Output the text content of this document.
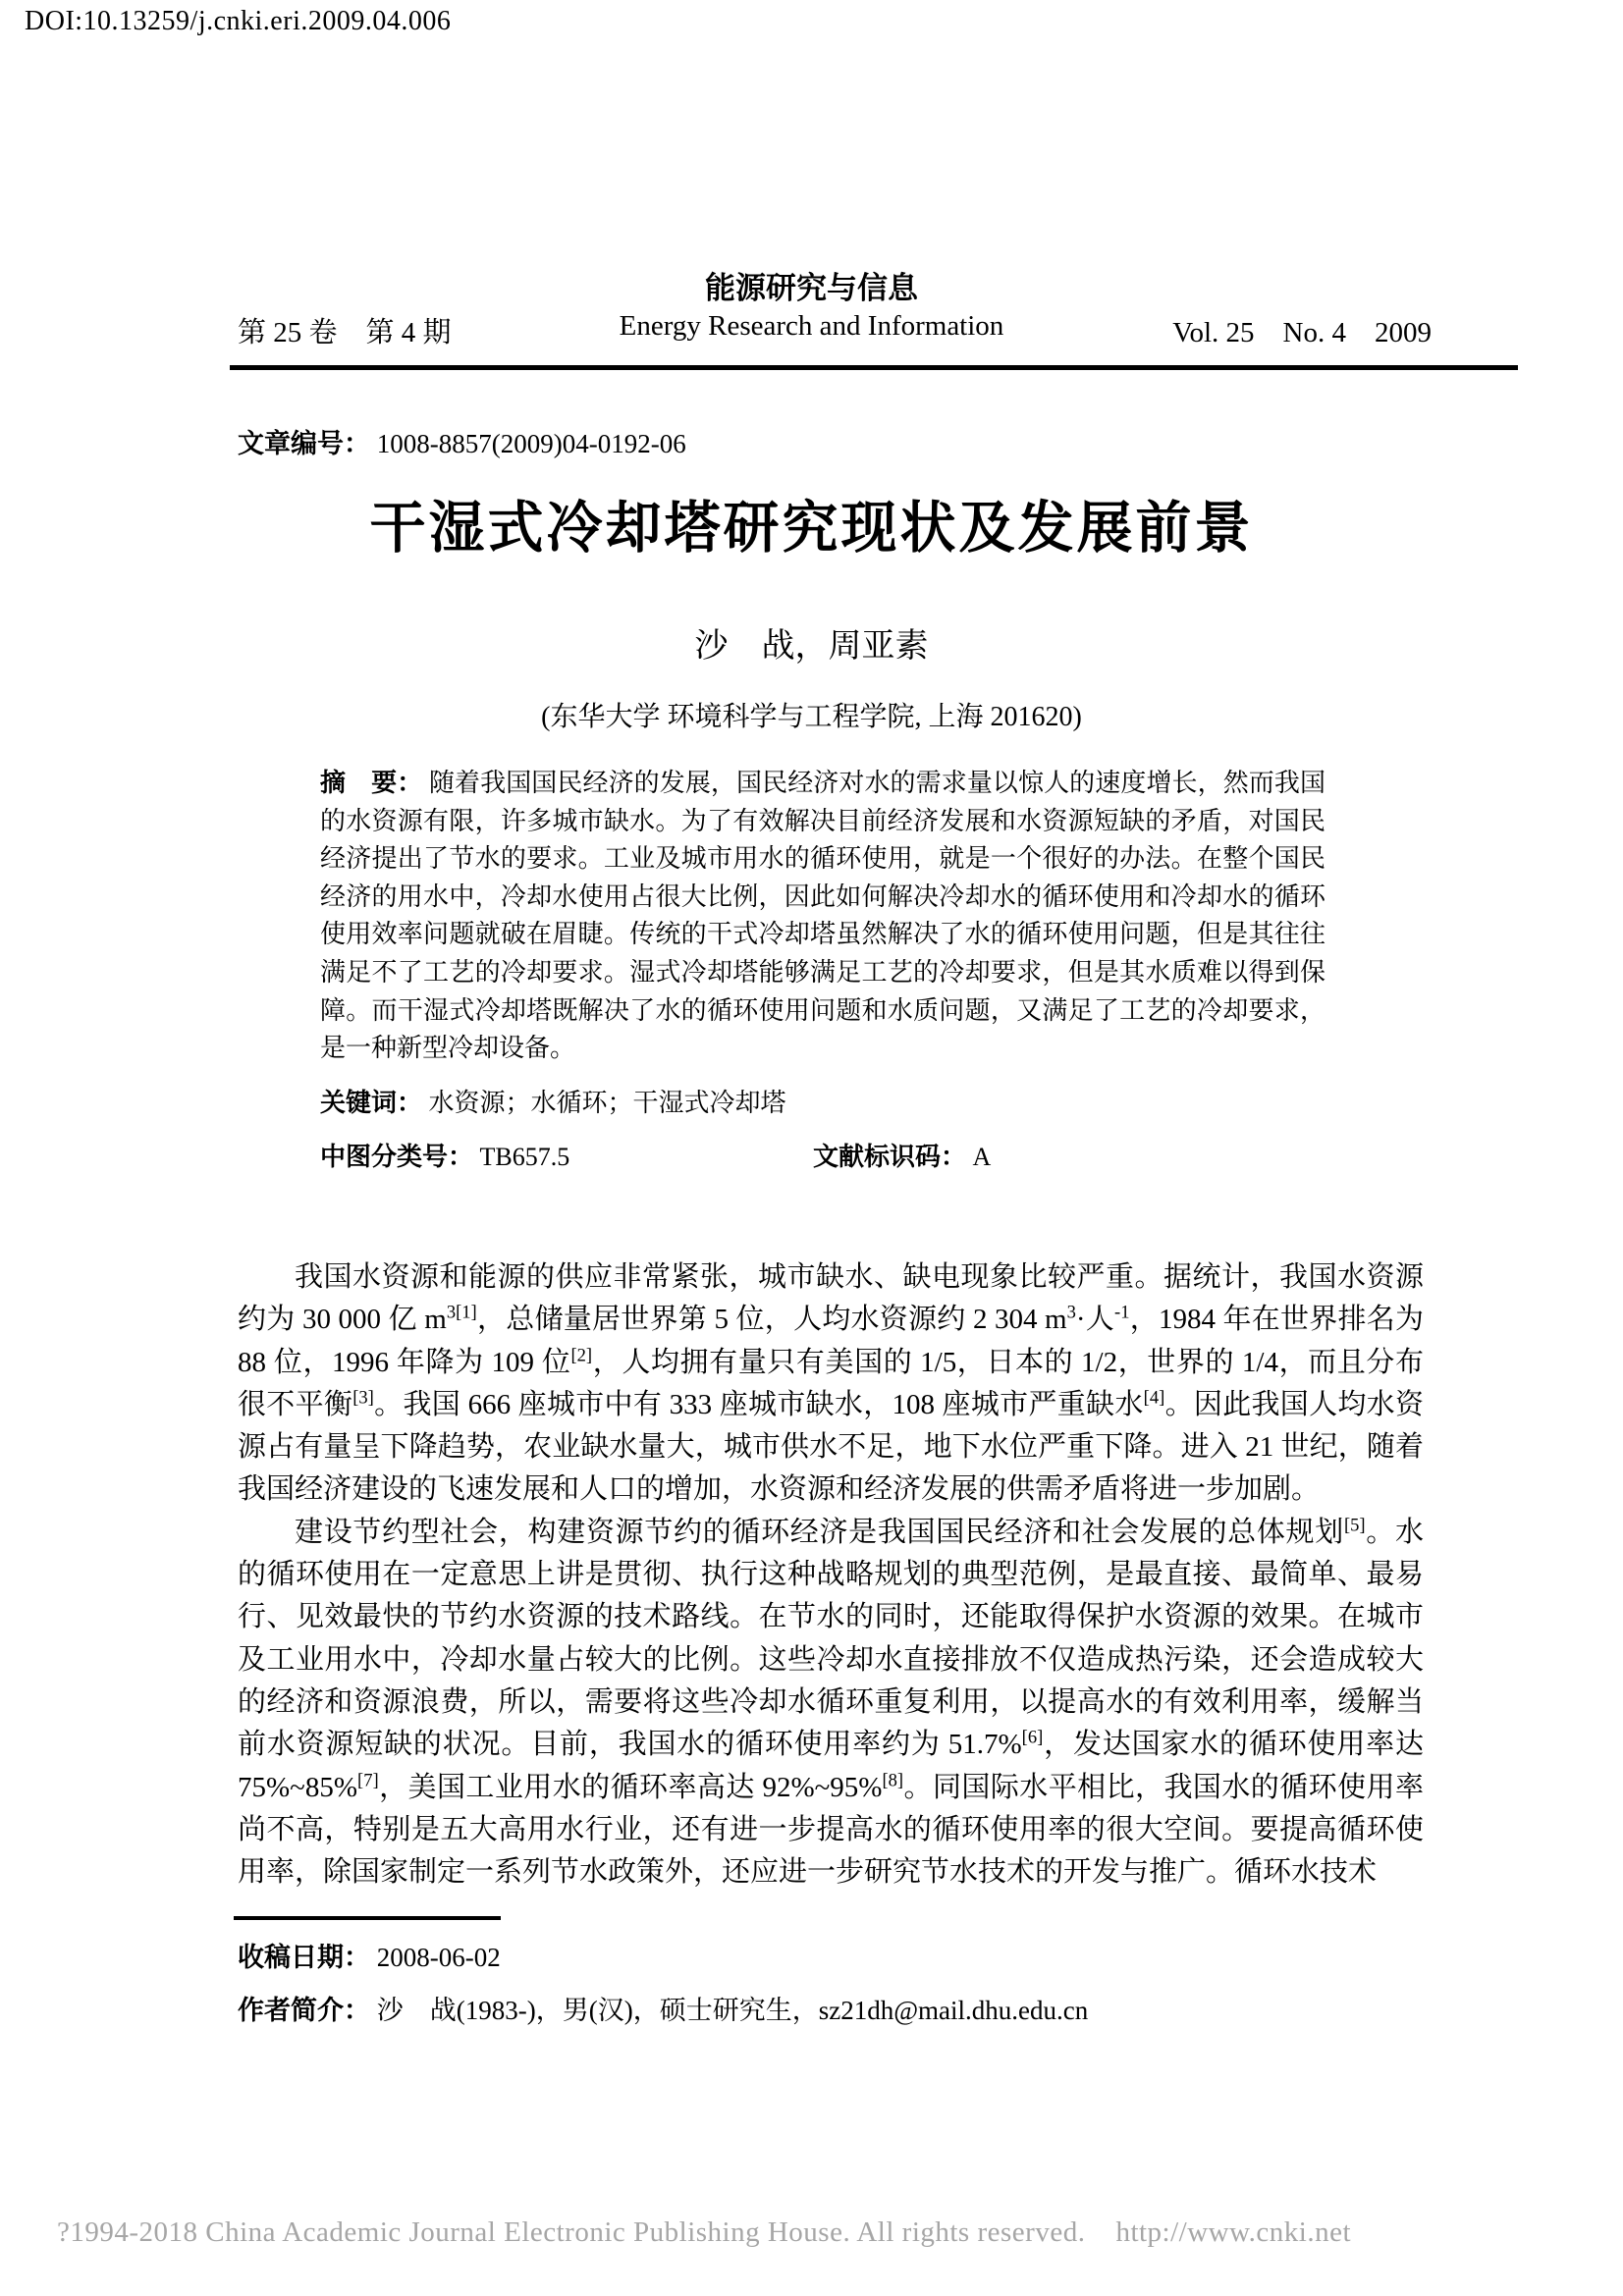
DOI:10.13259/j.cnki.eri.2009.04.006
能源研究与信息
第 25 卷　第 4 期	Energy Research and Information	Vol. 25　No. 4　2009
文章编号： 1008-8857(2009)04-0192-06
干湿式冷却塔研究现状及发展前景
沙　战，周亚素
(东华大学 环境科学与工程学院, 上海 201620)
摘　要： 随着我国国民经济的发展，国民经济对水的需求量以惊人的速度增长，然而我国的水资源有限，许多城市缺水。为了有效解决目前经济发展和水资源短缺的矛盾，对国民经济提出了节水的要求。工业及城市用水的循环使用，就是一个很好的办法。在整个国民经济的用水中，冷却水使用占很大比例，因此如何解决冷却水的循环使用和冷却水的循环使用效率问题就破在眉睫。传统的干式冷却塔虽然解决了水的循环使用问题，但是其往往满足不了工艺的冷却要求。湿式冷却塔能够满足工艺的冷却要求，但是其水质难以得到保障。而干湿式冷却塔既解决了水的循环使用问题和水质问题，又满足了工艺的冷却要求，是一种新型冷却设备。
关键词： 水资源；水循环；干湿式冷却塔
中图分类号： TB657.5	文献标识码： A

我国水资源和能源的供应非常紧张，城市缺水、缺电现象比较严重。据统计，我国水资源约为 30 000 亿 $m^{3[1]}$，总储量居世界第 5 位，人均水资源约 2 304 $m^3\cdot$人$^{-1}$，1984 年在世界排名为 88 位，1996 年降为 109 位[2]，人均拥有量只有美国的 1/5，日本的 1/2，世界的 1/4，而且分布很不平衡[3]。我国 666 座城市中有 333 座城市缺水，108 座城市严重缺水[4]。因此我国人均水资源占有量呈下降趋势，农业缺水量大，城市供水不足，地下水位严重下降。进入 21 世纪，随着我国经济建设的飞速发展和人口的增加，水资源和经济发展的供需矛盾将进一步加剧。

建设节约型社会，构建资源节约的循环经济是我国国民经济和社会发展的总体规划[5]。水的循环使用在一定意思上讲是贯彻、执行这种战略规划的典型范例，是最直接、最简单、最易行、见效最快的节约水资源的技术路线。在节水的同时，还能取得保护水资源的效果。在城市及工业用水中，冷却水量占较大的比例。这些冷却水直接排放不仅造成热污染，还会造成较大的经济和资源浪费，所以，需要将这些冷却水循环重复利用，以提高水的有效利用率，缓解当前水资源短缺的状况。目前，我国水的循环使用率约为 51.7%[6]，发达国家水的循环使用率达 75%~85%[7]，美国工业用水的循环率高达 92%~95%[8]。同国际水平相比，我国水的循环使用率尚不高，特别是五大高用水行业，还有进一步提高水的循环使用率的很大空间。要提高循环使用率，除国家制定一系列节水政策外，还应进一步研究节水技术的开发与推广。循环水技术

收稿日期： 2008-06-02
作者简介： 沙　战(1983-)，男(汉)，硕士研究生，sz21dh@mail.dhu.edu.cn
?1994-2018 China Academic Journal Electronic Publishing House. All rights reserved.    http://www.cnki.net
